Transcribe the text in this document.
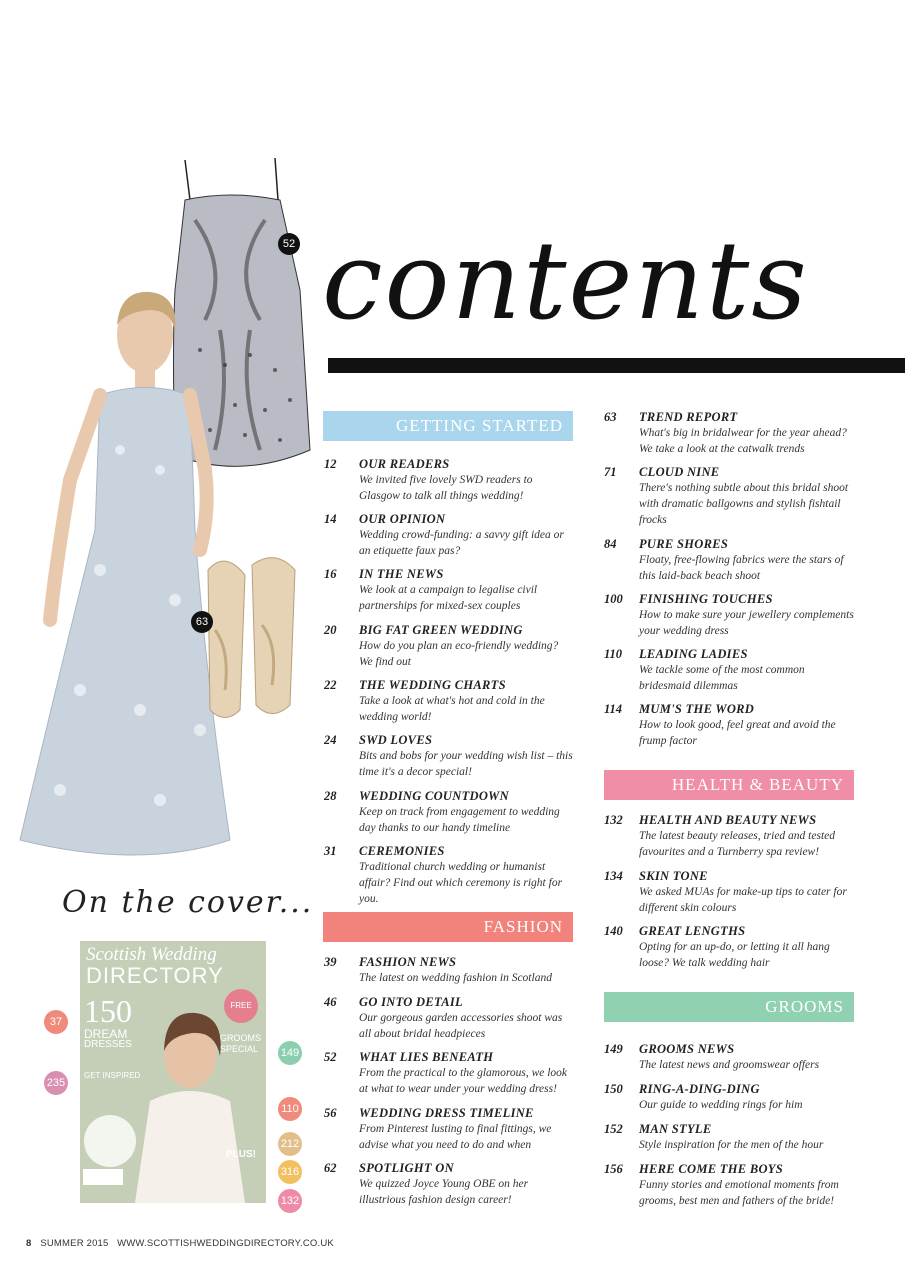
contents
52
63
On the cover...
Scottish Wedding
DIRECTORY
150
DREAM
DRESSES
FREE
GROOMS
SPECIAL
GET INSPIRED
PLUS!
37
235
149
110
212
316
132
GETTING STARTED
FASHION
HEALTH & BEAUTY
GROOMS
12 OUR READERS
We invited five lovely SWD readers to Glasgow to talk all things wedding!
14 OUR OPINION
Wedding crowd-funding: a savvy gift idea or an etiquette faux pas?
16 IN THE NEWS
We look at a campaign to legalise civil partnerships for mixed-sex couples
20 BIG FAT GREEN WEDDING
How do you plan an eco-friendly wedding? We find out
22 THE WEDDING CHARTS
Take a look at what's hot and cold in the wedding world!
24 SWD LOVES
Bits and bobs for your wedding wish list – this time it's a decor special!
28 WEDDING COUNTDOWN
Keep on track from engagement to wedding day thanks to our handy timeline
31 CEREMONIES
Traditional church wedding or humanist affair? Find out which ceremony is right for you.
39 FASHION NEWS
The latest on wedding fashion in Scotland
46 GO INTO DETAIL
Our gorgeous garden accessories shoot was all about bridal headpieces
52 WHAT LIES BENEATH
From the practical to the glamorous, we look at what to wear under your wedding dress!
56 WEDDING DRESS TIMELINE
From Pinterest lusting to final fittings, we advise what you need to do and when
62 SPOTLIGHT ON
We quizzed Joyce Young OBE on her illustrious fashion design career!
63 TREND REPORT
What's big in bridalwear for the year ahead? We take a look at the catwalk trends
71 CLOUD NINE
There's nothing subtle about this bridal shoot with dramatic ballgowns and stylish fishtail frocks
84 PURE SHORES
Floaty, free-flowing fabrics were the stars of this laid-back beach shoot
100 FINISHING TOUCHES
How to make sure your jewellery complements your wedding dress
110 LEADING LADIES
We tackle some of the most common bridesmaid dilemmas
114 MUM'S THE WORD
How to look good, feel great and avoid the frump factor
132 HEALTH AND BEAUTY NEWS
The latest beauty releases, tried and tested favourites and a Turnberry spa review!
134 SKIN TONE
We asked MUAs for make-up tips to cater for different skin colours
140 GREAT LENGTHS
Opting for an up-do, or letting it all hang loose? We talk wedding hair
149 GROOMS NEWS
The latest news and groomswear offers
150 RING-A-DING-DING
Our guide to wedding rings for him
152 MAN STYLE
Style inspiration for the men of the hour
156 HERE COME THE BOYS
Funny stories and emotional moments from grooms, best men and fathers of the bride!
8 SUMMER 2015 WWW.SCOTTISHWEDDINGDIRECTORY.CO.UK
